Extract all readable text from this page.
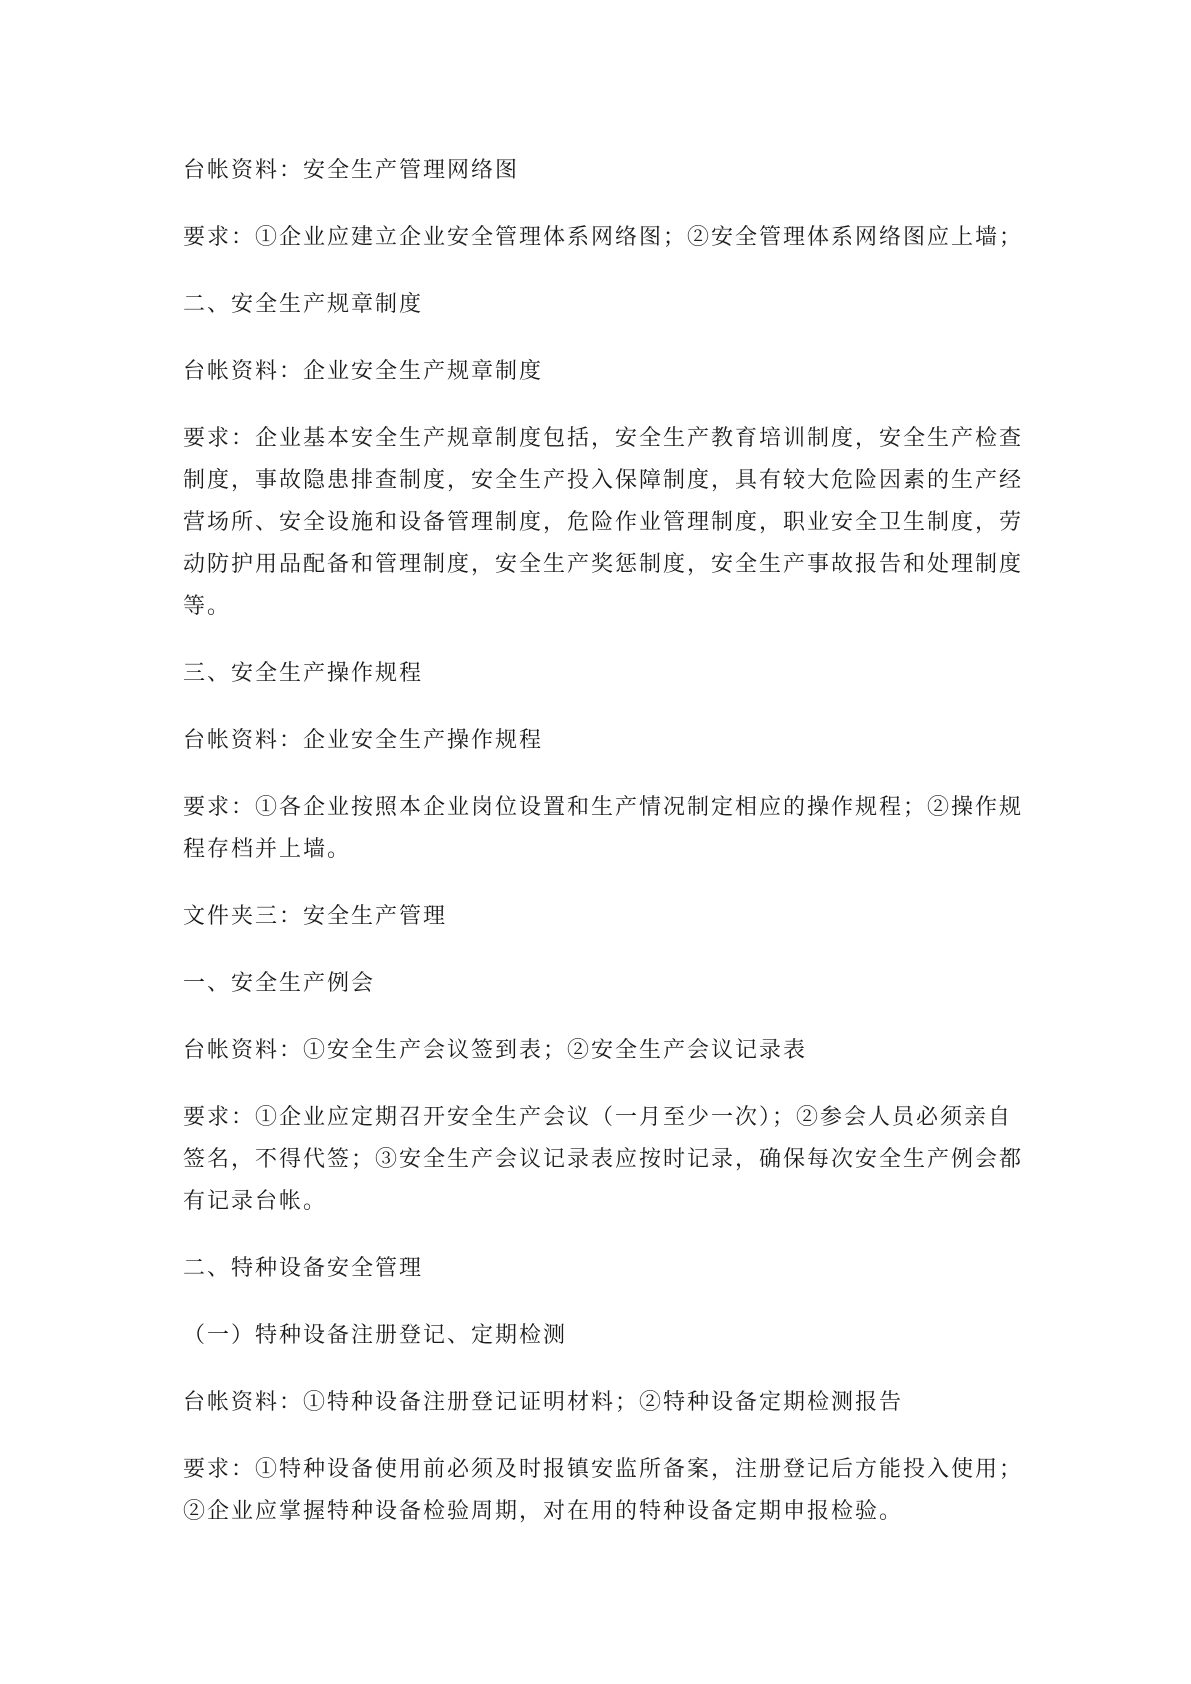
台帐资料：安全生产管理网络图

要求：①企业应建立企业安全管理体系网络图；②安全管理体系网络图应上墙；

二、安全生产规章制度

台帐资料：企业安全生产规章制度

要求：企业基本安全生产规章制度包括，安全生产教育培训制度，安全生产检查
制度，事故隐患排查制度，安全生产投入保障制度，具有较大危险因素的生产经
营场所、安全设施和设备管理制度，危险作业管理制度，职业安全卫生制度，劳
动防护用品配备和管理制度，安全生产奖惩制度，安全生产事故报告和处理制度
等。

三、安全生产操作规程

台帐资料：企业安全生产操作规程

要求：①各企业按照本企业岗位设置和生产情况制定相应的操作规程；②操作规
程存档并上墙。

文件夹三：安全生产管理

一、安全生产例会

台帐资料：①安全生产会议签到表；②安全生产会议记录表

要求：①企业应定期召开安全生产会议（一月至少一次）；②参会人员必须亲自
签名，不得代签；③安全生产会议记录表应按时记录，确保每次安全生产例会都
有记录台帐。

二、特种设备安全管理

（一）特种设备注册登记、定期检测

台帐资料：①特种设备注册登记证明材料；②特种设备定期检测报告

要求：①特种设备使用前必须及时报镇安监所备案，注册登记后方能投入使用；
②企业应掌握特种设备检验周期，对在用的特种设备定期申报检验。
